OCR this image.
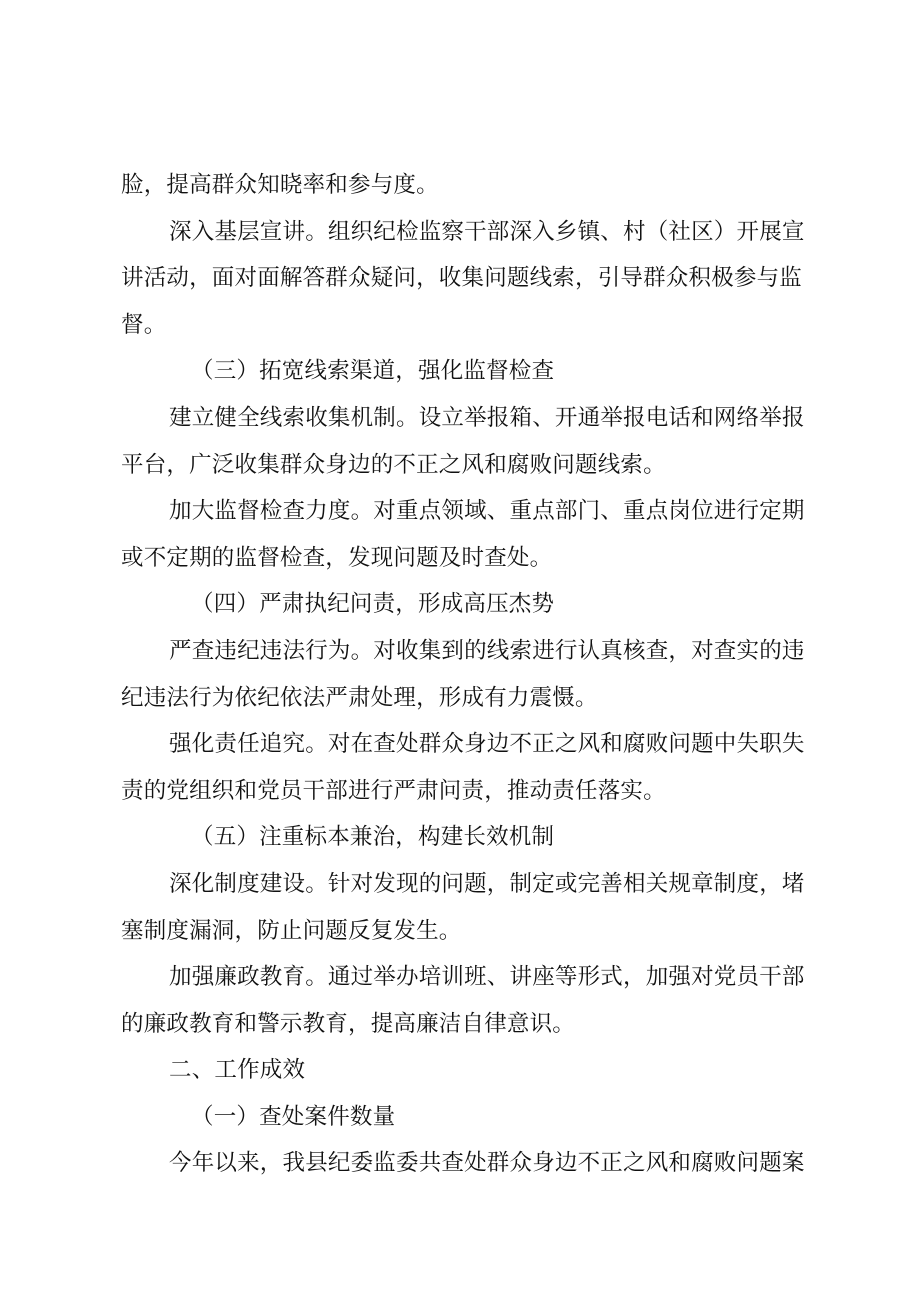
脸，提高群众知晓率和参与度。
深入基层宣讲。组织纪检监察干部深入乡镇、村（社区）开展宣
讲活动，面对面解答群众疑问，收集问题线索，引导群众积极参与监
督。
（三）拓宽线索渠道，强化监督检查
建立健全线索收集机制。设立举报箱、开通举报电话和网络举报
平台，广泛收集群众身边的不正之风和腐败问题线索。
加大监督检查力度。对重点领域、重点部门、重点岗位进行定期
或不定期的监督检查，发现问题及时查处。
（四）严肃执纪问责，形成高压杰势
严查违纪违法行为。对收集到的线索进行认真核查，对查实的违
纪违法行为依纪依法严肃处理，形成有力震慑。
强化责任追究。对在查处群众身边不正之风和腐败问题中失职失
责的党组织和党员干部进行严肃问责，推动责任落实。
（五）注重标本兼治，构建长效机制
深化制度建设。针对发现的问题，制定或完善相关规章制度，堵
塞制度漏洞，防止问题反复发生。
加强廉政教育。通过举办培训班、讲座等形式，加强对党员干部
的廉政教育和警示教育，提高廉洁自律意识。
二、工作成效
（一）查处案件数量
今年以来，我县纪委监委共查处群众身边不正之风和腐败问题案
